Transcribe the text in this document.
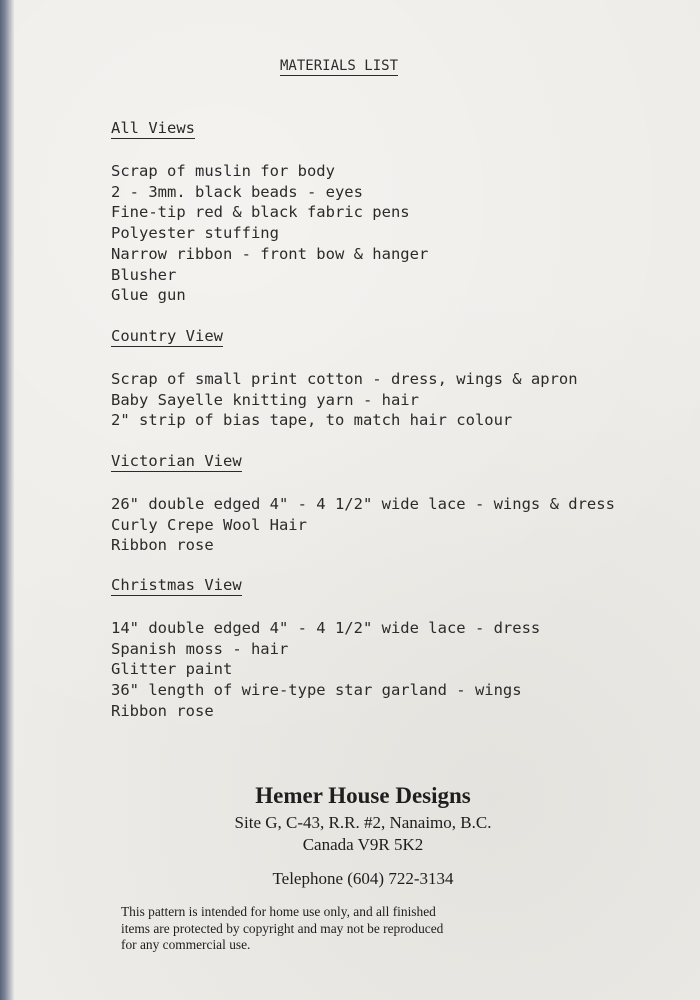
MATERIALS LIST
All Views
Scrap of muslin for body
2 - 3mm. black beads - eyes
Fine-tip red & black fabric pens
Polyester stuffing
Narrow ribbon - front bow & hanger
Blusher
Glue gun
Country View
Scrap of small print cotton - dress, wings & apron
Baby Sayelle knitting yarn - hair
2" strip of bias tape, to match hair colour
Victorian View
26" double edged 4" - 4 1/2" wide lace - wings & dress
Curly Crepe Wool Hair
Ribbon rose
Christmas View
14" double edged 4" - 4 1/2" wide lace - dress
Spanish moss - hair
Glitter paint
36" length of wire-type star garland - wings
Ribbon rose
Hemer House Designs
Site G, C-43, R.R. #2, Nanaimo, B.C.
Canada V9R 5K2
Telephone (604) 722-3134

This pattern is intended for home use only, and all finished
items are protected by copyright and may not be reproduced
for any commercial use.
